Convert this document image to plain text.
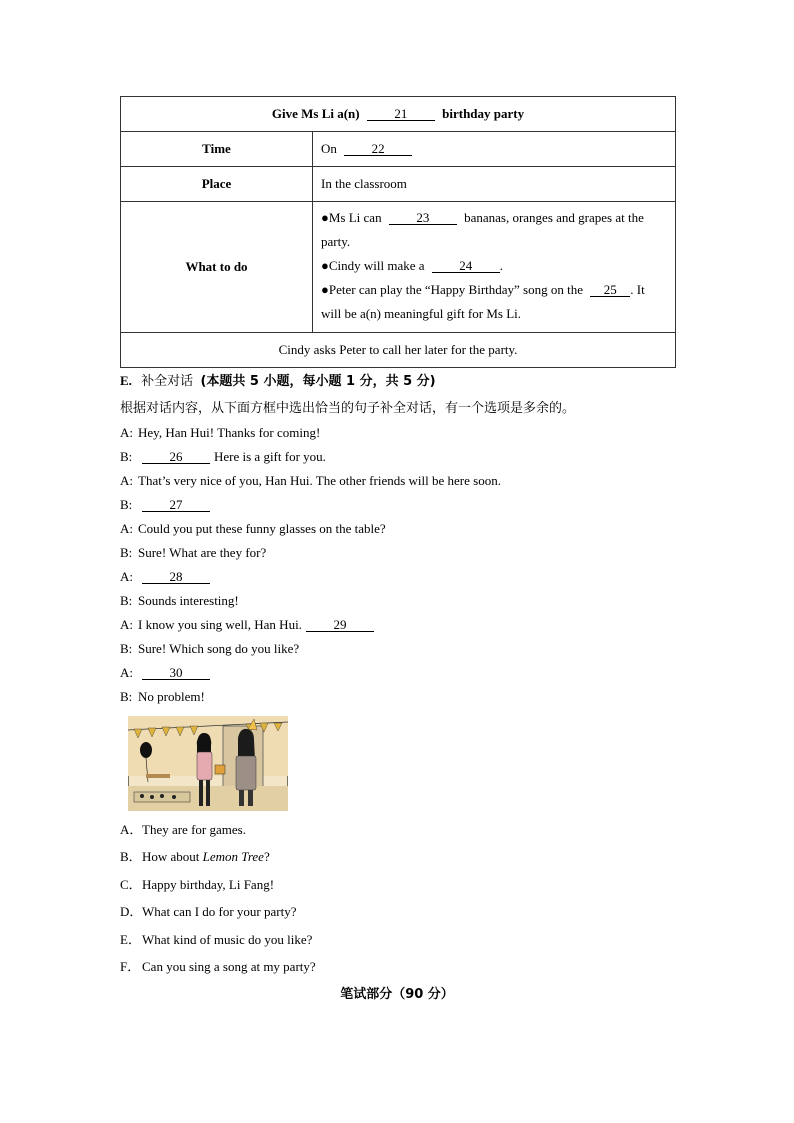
Give Ms Li a(n) 21 birthday party	
Time	On 22
Place	In the classroom
What to do	●Ms Li can 23 bananas, oranges and grapes at the party.
●Cindy will make a 24 .
●Peter can play the “Happy Birthday” song on the 25 . It will be a(n) meaningful gift for Ms Li.

Cindy asks Peter to call her later for the party.	
E. 补全对话 (本题共 5 小题，每小题 1 分，共 5 分)
根据对话内容，从下面方框中选出恰当的句子补全对话，有一个选项是多余的。
A: Hey, Han Hui! Thanks for coming!
B:	26 Here is a gift for you.
A: That’s very nice of you, Han Hui. The other friends will be here soon.
B:	27
A: Could you put these funny glasses on the table?
B: Sure! What are they for?
A:	28
B: Sounds interesting!
A: I know you sing well, Han Hui. 29
B: Sure! Which song do you like?
A:	30
B: No problem!
A．They are for games.
B．How about Lemon Tree?
C．Happy birthday, Li Fang!
D．What can I do for your party?
E．What kind of music do you like?
F． Can you sing a song at my party?
笔试部分（90 分）
